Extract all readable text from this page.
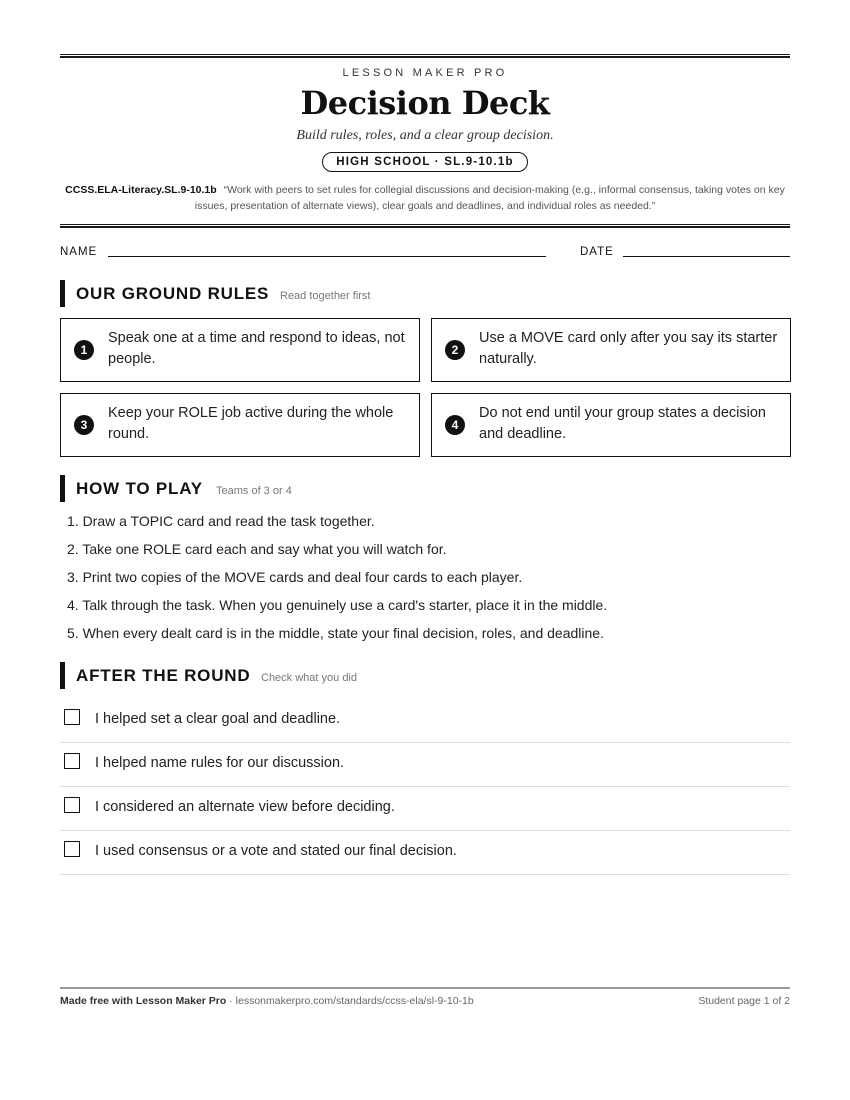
LESSON MAKER PRO
Decision Deck
Build rules, roles, and a clear group decision.
HIGH SCHOOL · SL.9-10.1b
CCSS.ELA-Literacy.SL.9-10.1b “Work with peers to set rules for collegial discussions and decision-making (e.g., informal consensus, taking votes on key issues, presentation of alternate views), clear goals and deadlines, and individual roles as needed.”
NAME	DATE
OUR GROUND RULES Read together first
1
Speak one at a time and respond to ideas, not people.
2
Use a MOVE card only after you say its starter naturally.
3
Keep your ROLE job active during the whole round.
4
Do not end until your group states a decision and deadline.
HOW TO PLAY Teams of 3 or 4
1. Draw a TOPIC card and read the task together.
2. Take one ROLE card each and say what you will watch for.
3. Print two copies of the MOVE cards and deal four cards to each player.
4. Talk through the task. When you genuinely use a card's starter, place it in the middle.
5. When every dealt card is in the middle, state your final decision, roles, and deadline.
AFTER THE ROUND Check what you did
I helped set a clear goal and deadline.
I helped name rules for our discussion.
I considered an alternate view before deciding.
I used consensus or a vote and stated our final decision.
Made free with Lesson Maker Pro · lessonmakerpro.com/standards/ccss-ela/sl-9-10-1b	Student page 1 of 2
